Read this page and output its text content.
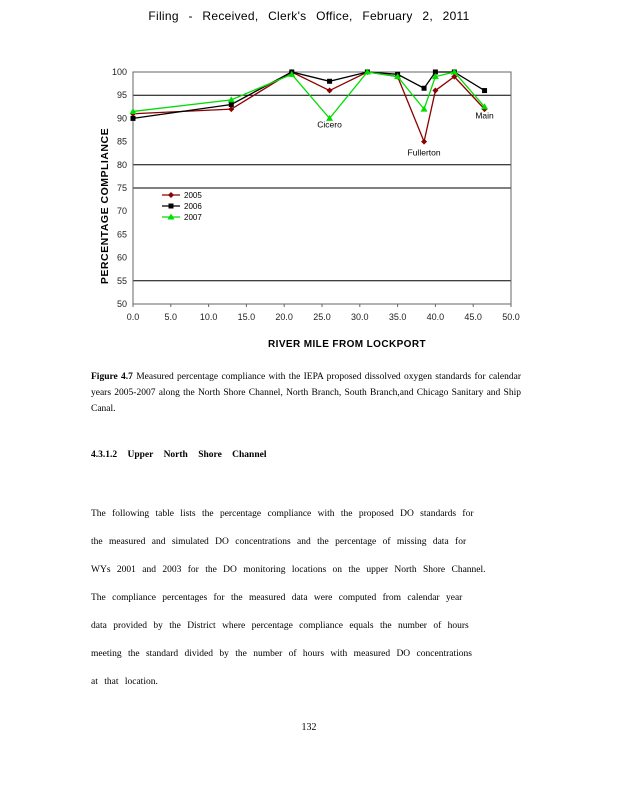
Filing - Received, Clerk's Office, February 2, 2011
100
95
90
85
80
75
70
65
60
55
50
0.0	5.0	10.0 15.0 20.0 25.0 30.0 35.0 40.0 45.0 50.0
Cicero
Fullerton
Main
2005
2006
2007
PERCENTAGE COMPLIANCE
RIVER MILE FROM LOCKPORT
Figure 4.7 Measured percentage compliance with the IEPA proposed dissolved oxygen standards for calendar years 2005-2007 along the North Shore Channel, North Branch, South Branch,and Chicago Sanitary and Ship Canal.
4.3.1.2 Upper North Shore Channel
The following table lists the percentage compliance with the proposed DO standards for
the measured and simulated DO concentrations and the percentage of missing data for
WYs 2001 and 2003 for the DO monitoring locations on the upper North Shore Channel.
The compliance percentages for the measured data were computed from calendar year
data provided by the District where percentage compliance equals the number of hours
meeting the standard divided by the number of hours with measured DO concentrations
at that location.
132
